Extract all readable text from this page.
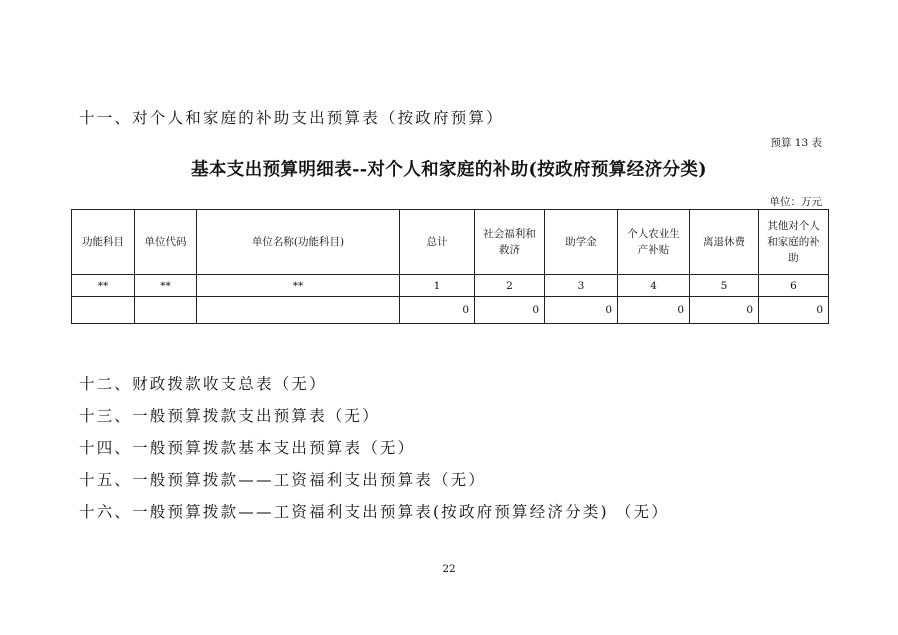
十一、对个人和家庭的补助支出预算表（按政府预算）
预算 13 表
基本支出预算明细表--对个人和家庭的补助(按政府预算经济分类)
单位：万元
功能科目	单位代码	单位名称(功能科目)	总计	社会福利和救济	助学金	个人农业生产补贴	离退休费	其他对个人和家庭的补助
**	**	**	1	2	3	4	5	6
			0	0	0	0	0	0
十二、财政拨款收支总表（无）
十三、一般预算拨款支出预算表（无）
十四、一般预算拨款基本支出预算表（无）
十五、一般预算拨款——工资福利支出预算表（无）
十六、一般预算拨款——工资福利支出预算表(按政府预算经济分类) （无）
22
